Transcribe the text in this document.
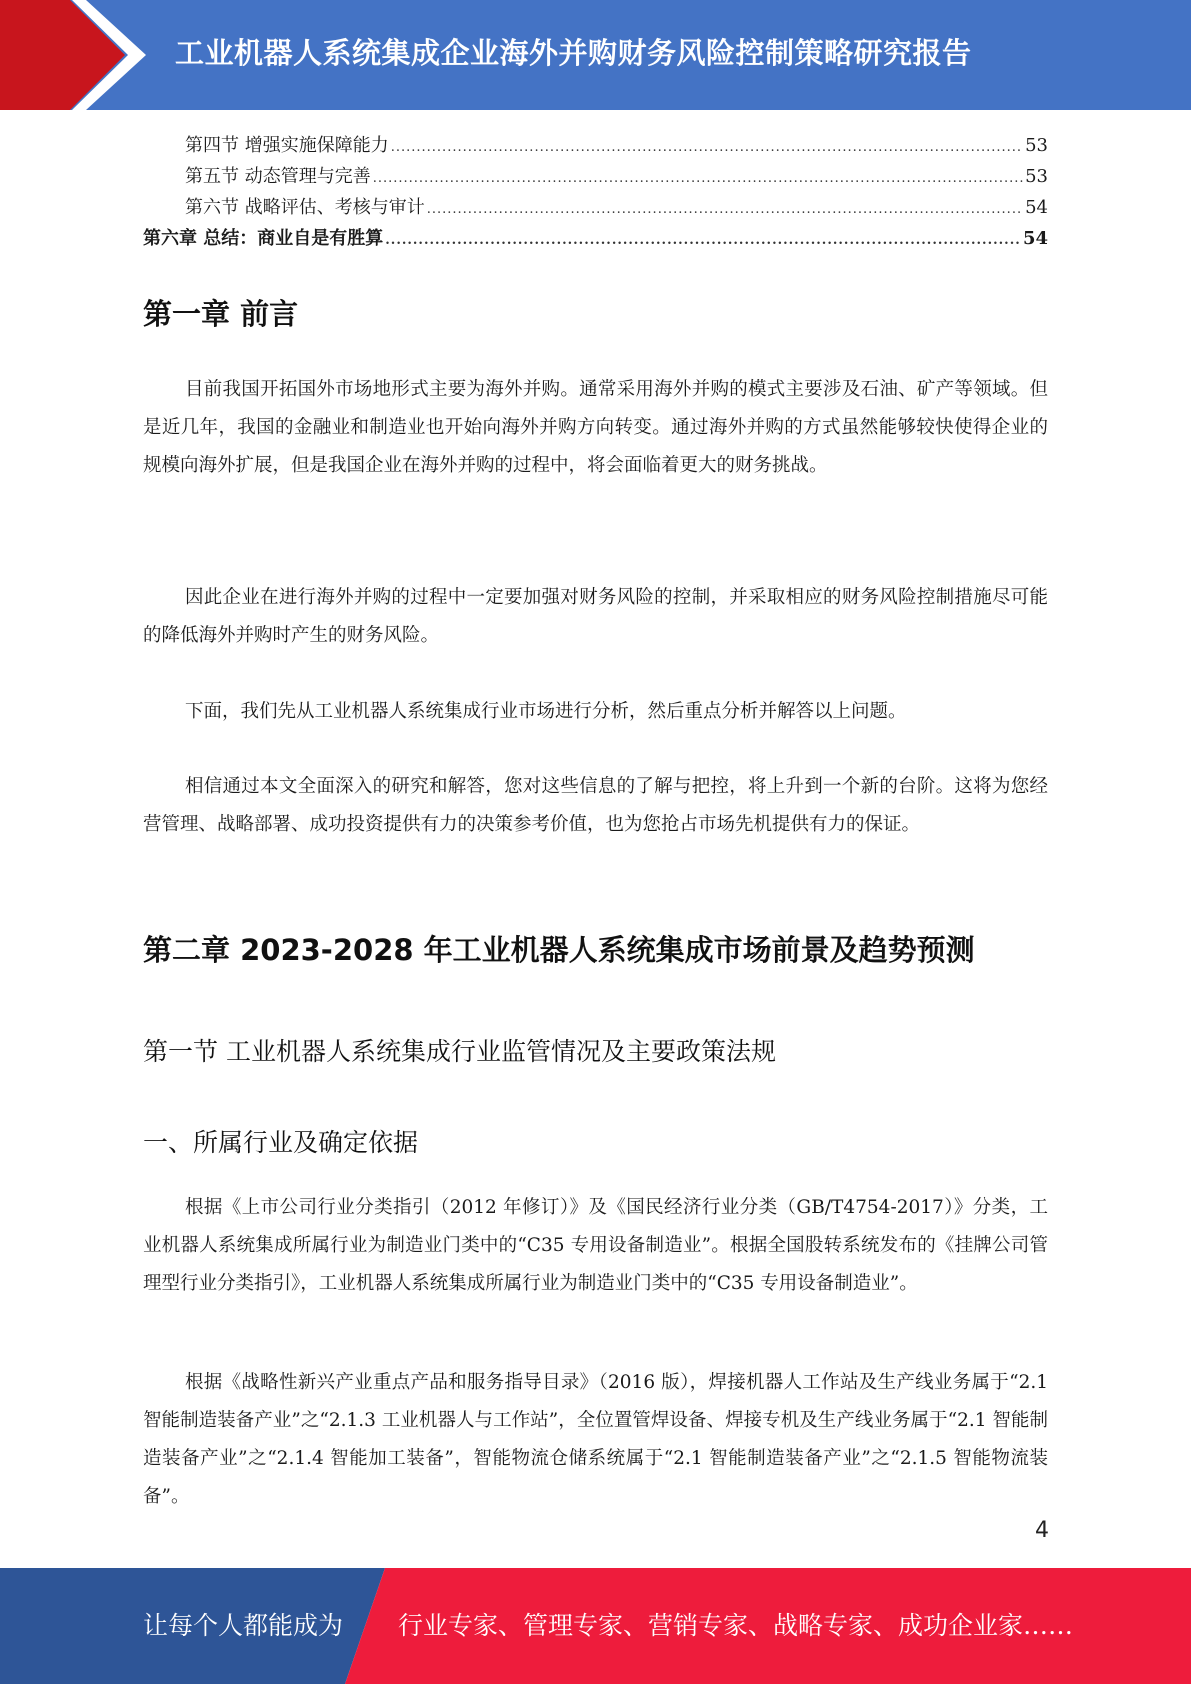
工业机器人系统集成企业海外并购财务风险控制策略研究报告
第四节 增强实施保障能力 .....	53
第五节 动态管理与完善 .....	53
第六节 战略评估、考核与审计 .....	54
第六章 总结：商业自是有胜算 .....	54
第一章 前言

目前我国开拓国外市场地形式主要为海外并购。通常采用海外并购的模式主要涉及石油、矿产等领域。但是近几年，我国的金融业和制造业也开始向海外并购方向转变。通过海外并购的方式虽然能够较快使得企业的规模向海外扩展，但是我国企业在海外并购的过程中，将会面临着更大的财务挑战。

因此企业在进行海外并购的过程中一定要加强对财务风险的控制，并采取相应的财务风险控制措施尽可能的降低海外并购时产生的财务风险。

下面，我们先从工业机器人系统集成行业市场进行分析，然后重点分析并解答以上问题。

相信通过本文全面深入的研究和解答，您对这些信息的了解与把控，将上升到一个新的台阶。这将为您经营管理、战略部署、成功投资提供有力的决策参考价值，也为您抢占市场先机提供有力的保证。

第二章 2023-2028 年工业机器人系统集成市场前景及趋势预测
第一节 工业机器人系统集成行业监管情况及主要政策法规
一、所属行业及确定依据

根据《上市公司行业分类指引（2012 年修订）》及《国民经济行业分类（GB/T4754-2017）》分类，工业机器人系统集成所属行业为制造业门类中的“C35 专用设备制造业”。根据全国股转系统发布的《挂牌公司管理型行业分类指引》，工业机器人系统集成所属行业为制造业门类中的“C35 专用设备制造业”。

根据《战略性新兴产业重点产品和服务指导目录》（2016 版），焊接机器人工作站及生产线业务属于“2.1 智能制造装备产业”之“2.1.3 工业机器人与工作站”，全位置管焊设备、焊接专机及生产线业务属于“2.1 智能制造装备产业”之“2.1.4 智能加工装备”，智能物流仓储系统属于“2.1 智能制造装备产业”之“2.1.5 智能物流装备”。

4
让每个人都能成为 行业专家、管理专家、营销专家、战略专家、成功企业家……
